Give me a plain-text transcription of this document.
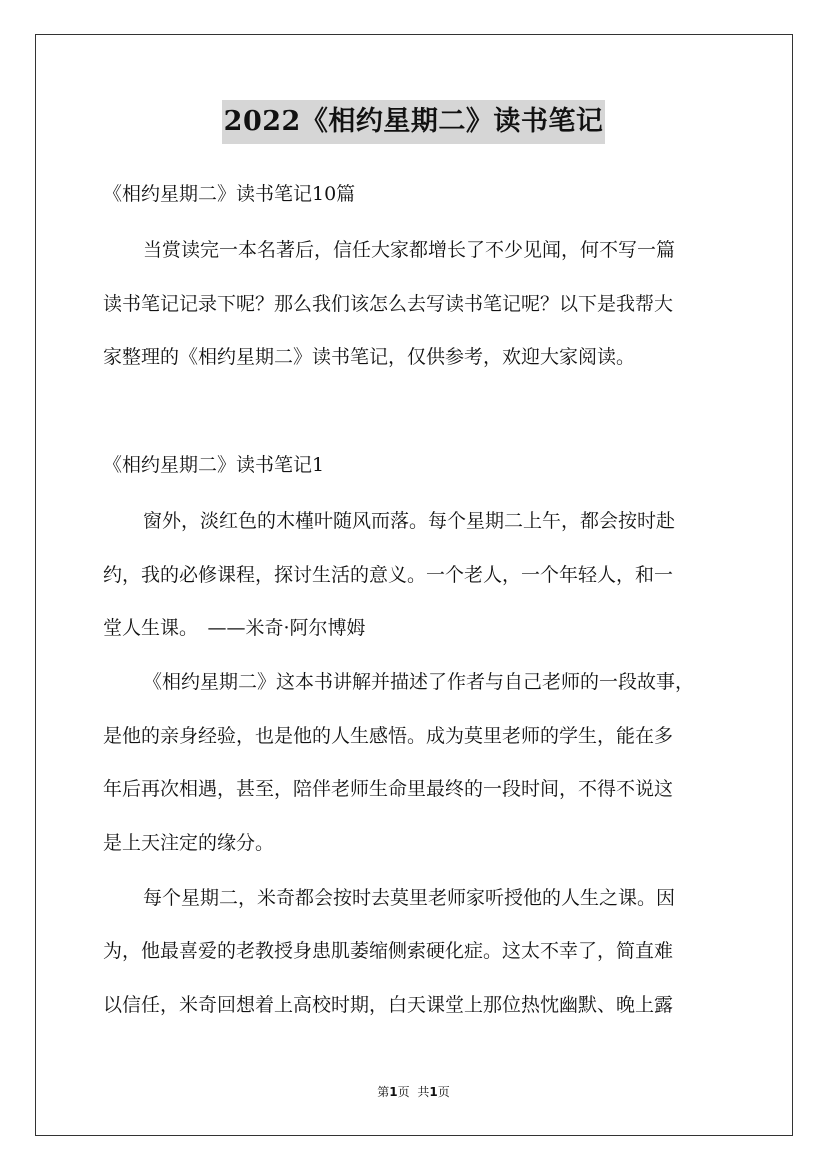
2022《相约星期二》读书笔记
《相约星期二》读书笔记10篇
当赏读完一本名著后，信任大家都增长了不少见闻，何不写一篇
读书笔记记录下呢？那么我们该怎么去写读书笔记呢？以下是我帮大
家整理的《相约星期二》读书笔记，仅供参考，欢迎大家阅读。
《相约星期二》读书笔记1
窗外，淡红色的木槿叶随风而落。每个星期二上午，都会按时赴
约，我的必修课程，探讨生活的意义。一个老人，一个年轻人，和一
堂人生课。　——米奇·阿尔博姆
《相约星期二》这本书讲解并描述了作者与自己老师的一段故事，
是他的亲身经验，也是他的人生感悟。成为莫里老师的学生，能在多
年后再次相遇，甚至，陪伴老师生命里最终的一段时间，不得不说这
是上天注定的缘分。
每个星期二，米奇都会按时去莫里老师家听授他的人生之课。因
为，他最喜爱的老教授身患肌萎缩侧索硬化症。这太不幸了，简直难
以信任，米奇回想着上高校时期，白天课堂上那位热忱幽默、晚上露
第1页 共1页
